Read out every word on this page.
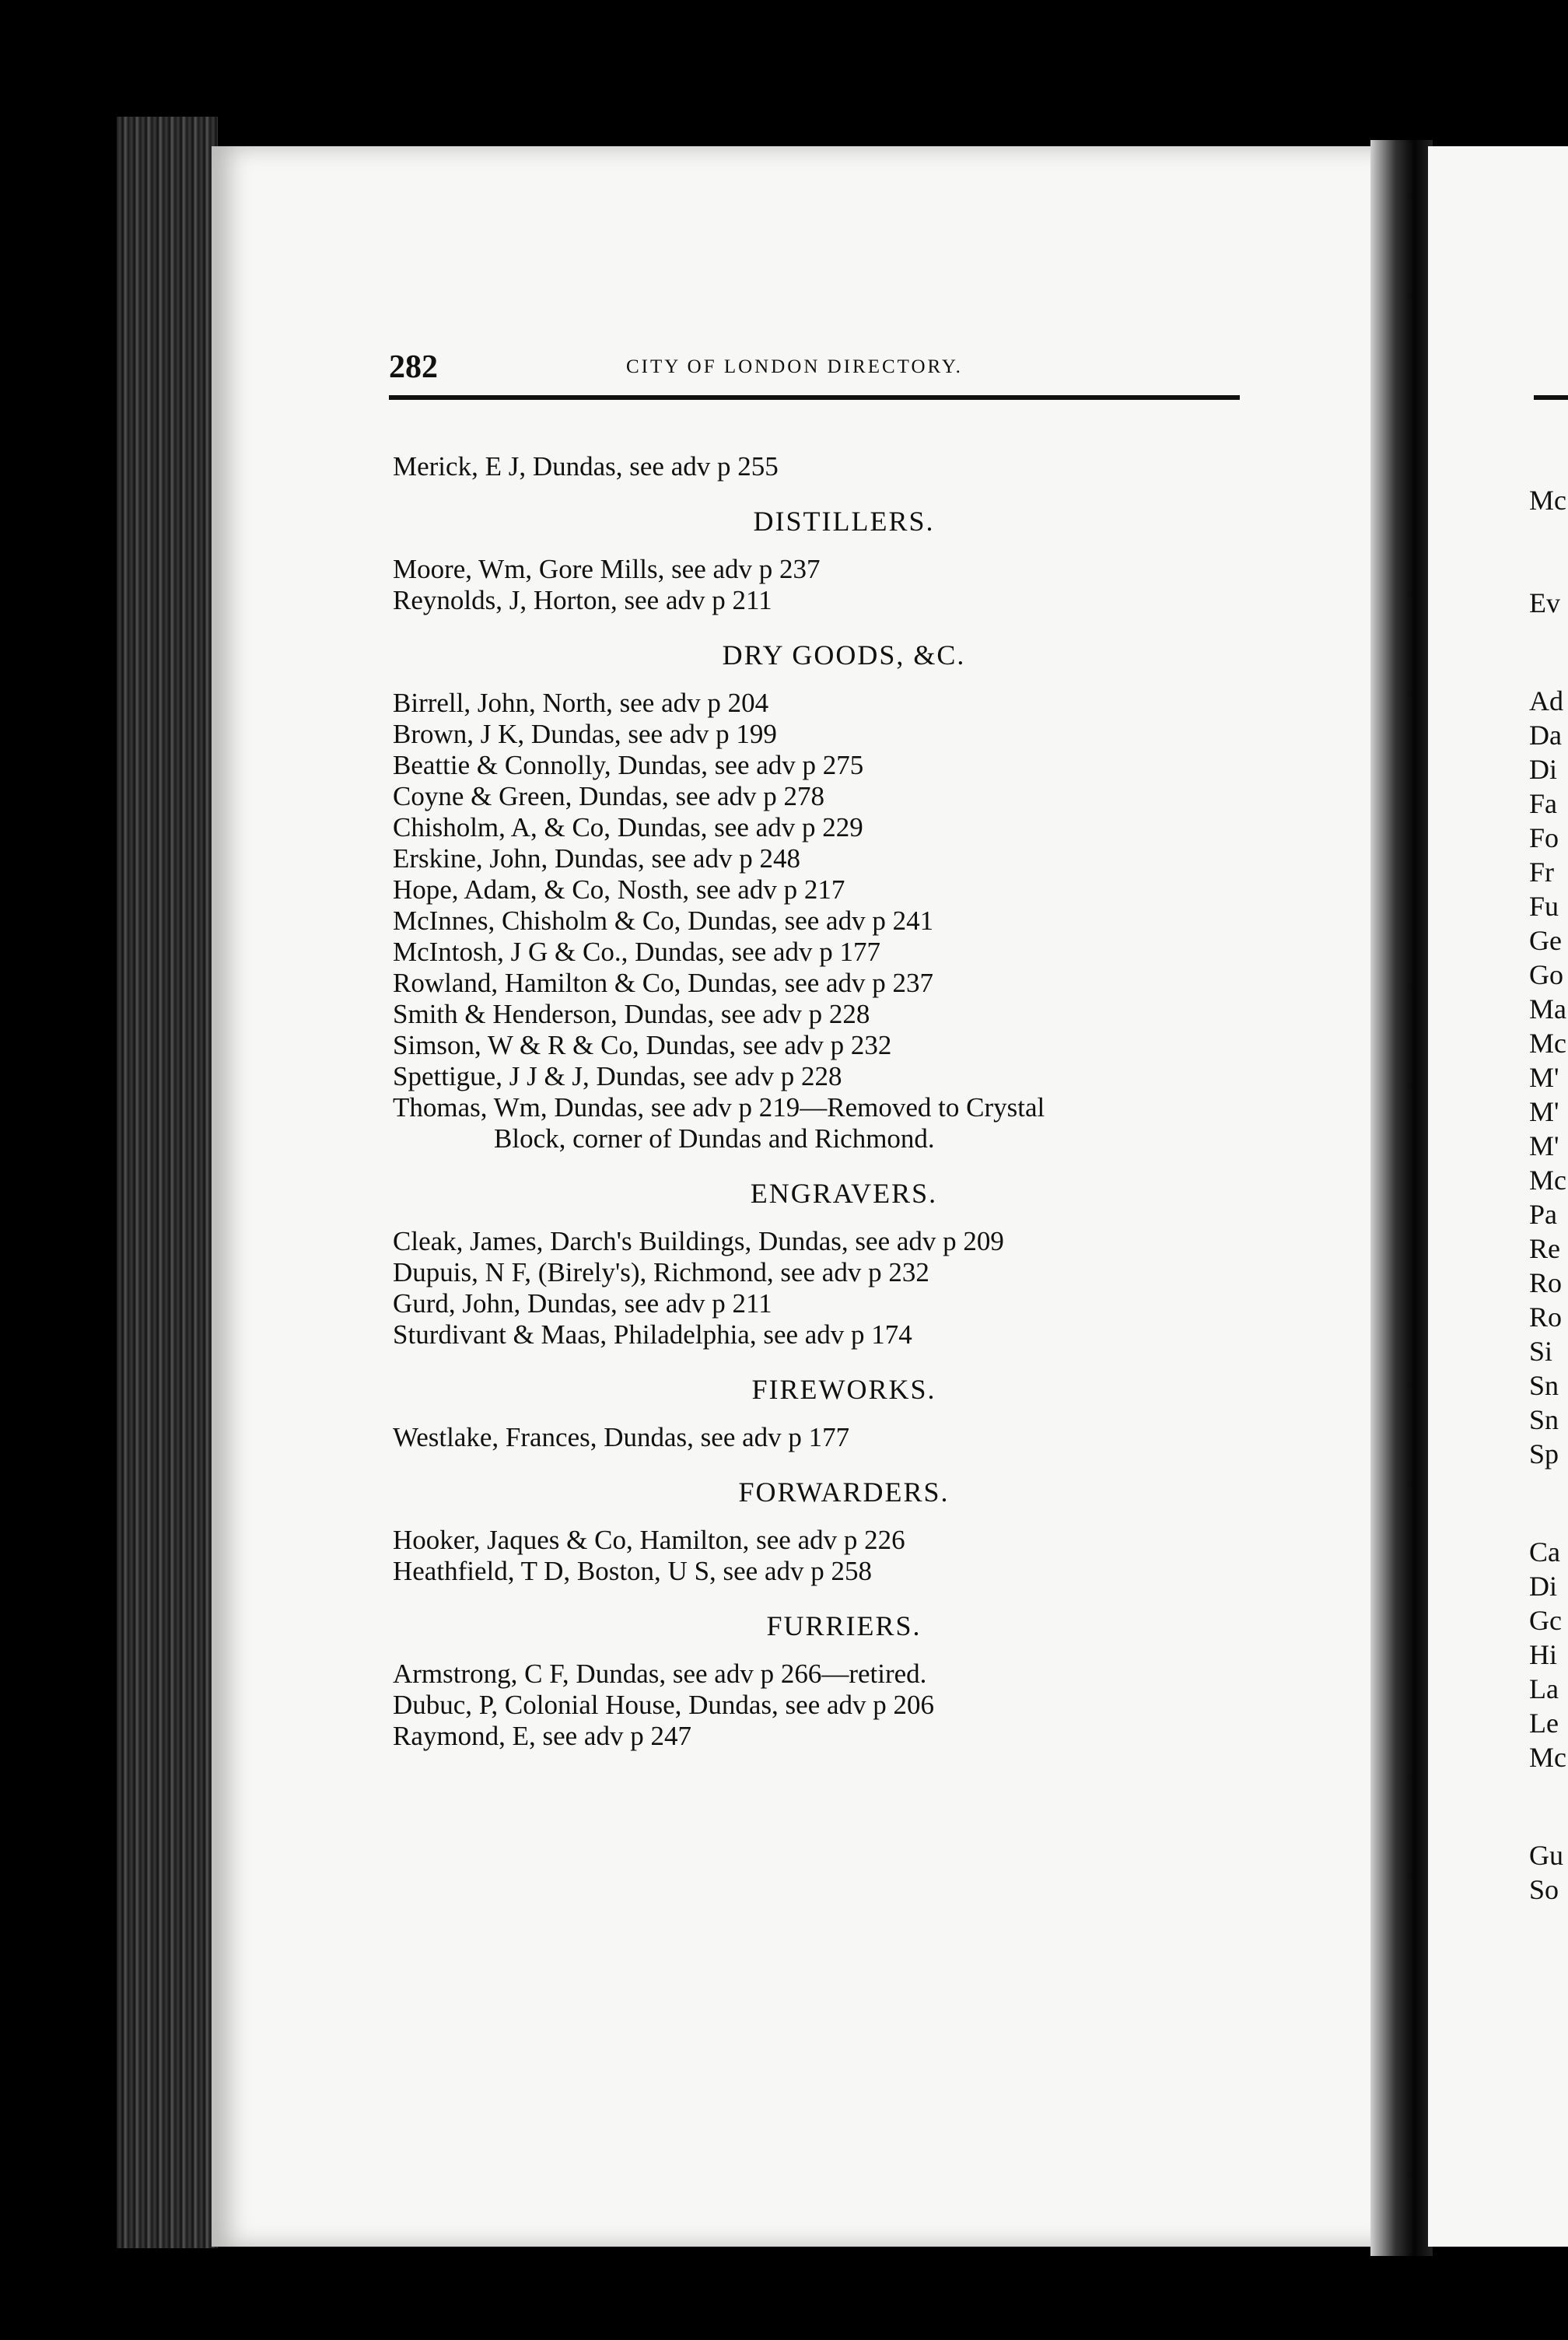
282	CITY OF LONDON DIRECTORY.
Merick, E J, Dundas, see adv p 255
DISTILLERS.
Moore, Wm, Gore Mills, see adv p 237
Reynolds, J, Horton, see adv p 211
DRY GOODS, &C.
Birrell, John, North, see adv p 204
Brown, J K, Dundas, see adv p 199
Beattie & Connolly, Dundas, see adv p 275
Coyne & Green, Dundas, see adv p 278
Chisholm, A, & Co, Dundas, see adv p 229
Erskine, John, Dundas, see adv p 248
Hope, Adam, & Co, Nosth, see adv p 217
McInnes, Chisholm & Co, Dundas, see adv p 241
McIntosh, J G & Co., Dundas, see adv p 177
Rowland, Hamilton & Co, Dundas, see adv p 237
Smith & Henderson, Dundas, see adv p 228
Simson, W & R & Co, Dundas, see adv p 232
Spettigue, J J & J, Dundas, see adv p 228
Thomas, Wm, Dundas, see adv p 219—Removed to Crystal
Block, corner of Dundas and Richmond.
ENGRAVERS.
Cleak, James, Darch's Buildings, Dundas, see adv p 209
Dupuis, N F, (Birely's), Richmond, see adv p 232
Gurd, John, Dundas, see adv p 211
Sturdivant & Maas, Philadelphia, see adv p 174
FIREWORKS.
Westlake, Frances, Dundas, see adv p 177
FORWARDERS.
Hooker, Jaques & Co, Hamilton, see adv p 226
Heathfield, T D, Boston, U S, see adv p 258
FURRIERS.
Armstrong, C F, Dundas, see adv p 266—retired.
Dubuc, P, Colonial House, Dundas, see adv p 206
Raymond, E, see adv p 247
Mc
Ev
Ad
Da
Di
Fa
Fo
Fr
Fu
Ge
Go
Ma
Mc
M'
M'
M'
Mc
Pa
Re
Ro
Ro
Si
Sn
Sn
Sp
Ca
Di
Gc
Hi
La
Le
Mc
Gu
So
